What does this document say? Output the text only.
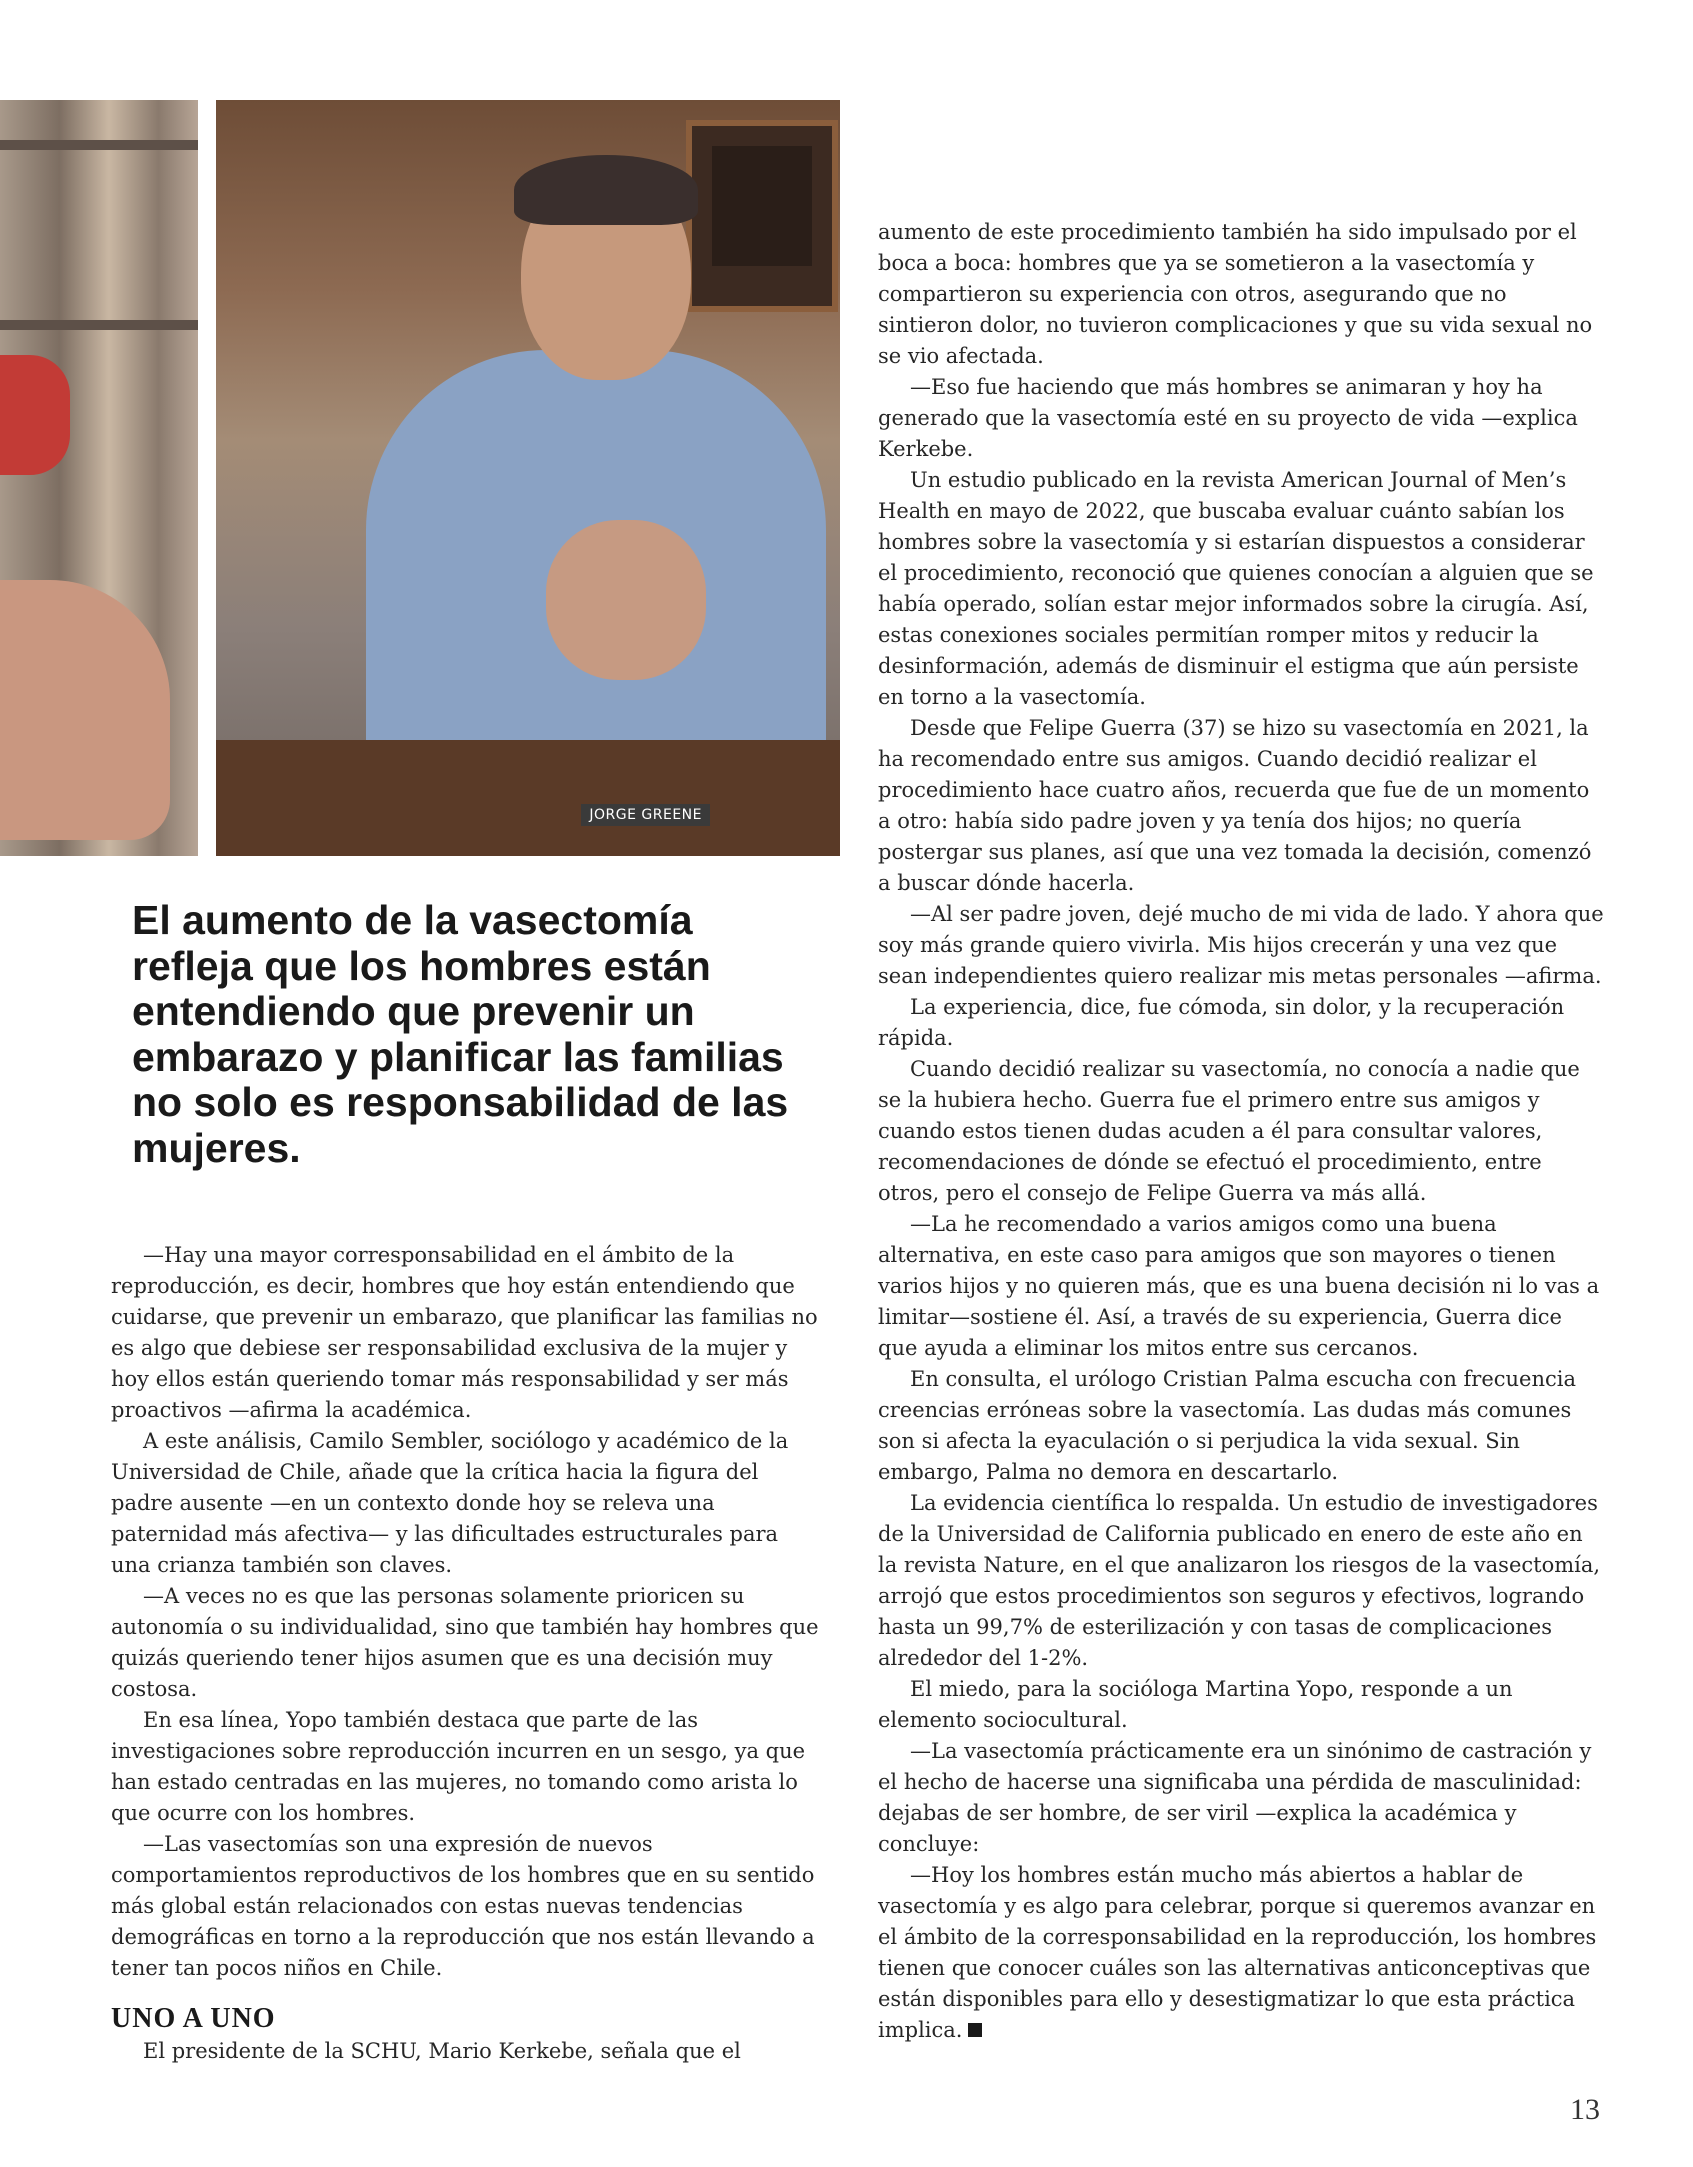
JORGE GREENE
El aumento de la vasectomía refleja que los hombres están entendiendo que prevenir un embarazo y planificar las familias no solo es responsabilidad de las mujeres.

—Hay una mayor corresponsabilidad en el ámbito de la reproducción, es decir, hombres que hoy están entendiendo que cuidarse, que prevenir un embarazo, que planificar las familias no es algo que debiese ser responsabilidad exclusiva de la mujer y hoy ellos están queriendo tomar más responsabilidad y ser más proactivos —afirma la académica.

A este análisis, Camilo Sembler, sociólogo y académico de la Universidad de Chile, añade que la crítica hacia la figura del padre ausente —en un contexto donde hoy se releva una paternidad más afectiva— y las dificultades estructurales para una crianza también son claves.

—A veces no es que las personas solamente prioricen su autonomía o su individualidad, sino que también hay hombres que quizás queriendo tener hijos asumen que es una decisión muy costosa.

En esa línea, Yopo también destaca que parte de las investigaciones sobre reproducción incurren en un sesgo, ya que han estado centradas en las mujeres, no tomando como arista lo que ocurre con los hombres.

—Las vasectomías son una expresión de nuevos comportamientos reproductivos de los hombres que en su sentido más global están relacionados con estas nuevas tendencias demográficas en torno a la reproducción que nos están llevando a tener tan pocos niños en Chile.

UNO A UNO

El presidente de la SCHU, Mario Kerkebe, señala que el

aumento de este procedimiento también ha sido impulsado por el boca a boca: hombres que ya se sometieron a la vasectomía y compartieron su experiencia con otros, asegurando que no sintieron dolor, no tuvieron complicaciones y que su vida sexual no se vio afectada.

—Eso fue haciendo que más hombres se animaran y hoy ha generado que la vasectomía esté en su proyecto de vida —explica Kerkebe.

Un estudio publicado en la revista American Journal of Men’s Health en mayo de 2022, que buscaba evaluar cuánto sabían los hombres sobre la vasectomía y si estarían dispuestos a considerar el procedimiento, reconoció que quienes conocían a alguien que se había operado, solían estar mejor informados sobre la cirugía. Así, estas conexiones sociales permitían romper mitos y reducir la desinformación, además de disminuir el estigma que aún persiste en torno a la vasectomía.

Desde que Felipe Guerra (37) se hizo su vasectomía en 2021, la ha recomendado entre sus amigos. Cuando decidió realizar el procedimiento hace cuatro años, recuerda que fue de un momento a otro: había sido padre joven y ya tenía dos hijos; no quería postergar sus planes, así que una vez tomada la decisión, comenzó a buscar dónde hacerla.

—Al ser padre joven, dejé mucho de mi vida de lado. Y ahora que soy más grande quiero vivirla. Mis hijos crecerán y una vez que sean independientes quiero realizar mis metas personales —afirma.

La experiencia, dice, fue cómoda, sin dolor, y la recuperación rápida.

Cuando decidió realizar su vasectomía, no conocía a nadie que se la hubiera hecho. Guerra fue el primero entre sus amigos y cuando estos tienen dudas acuden a él para consultar valores, recomendaciones de dónde se efectuó el procedimiento, entre otros, pero el consejo de Felipe Guerra va más allá.

—La he recomendado a varios amigos como una buena alternativa, en este caso para amigos que son mayores o tienen varios hijos y no quieren más, que es una buena decisión ni lo vas a limitar—sostiene él. Así, a través de su experiencia, Guerra dice que ayuda a eliminar los mitos entre sus cercanos.

En consulta, el urólogo Cristian Palma escucha con frecuencia creencias erróneas sobre la vasectomía. Las dudas más comunes son si afecta la eyaculación o si perjudica la vida sexual. Sin embargo, Palma no demora en descartarlo.

La evidencia científica lo respalda. Un estudio de investigadores de la Universidad de California publicado en enero de este año en la revista Nature, en el que analizaron los riesgos de la vasectomía, arrojó que estos procedimientos son seguros y efectivos, logrando hasta un 99,7% de esterilización y con tasas de complicaciones alrededor del 1-2%.

El miedo, para la socióloga Martina Yopo, responde a un elemento sociocultural.

—La vasectomía prácticamente era un sinónimo de castración y el hecho de hacerse una significaba una pérdida de masculinidad: dejabas de ser hombre, de ser viril —explica la académica y concluye:

—Hoy los hombres están mucho más abiertos a hablar de vasectomía y es algo para celebrar, porque si queremos avanzar en el ámbito de la corresponsabilidad en la reproducción, los hombres tienen que conocer cuáles son las alternativas anticonceptivas que están disponibles para ello y desestigmatizar lo que esta práctica implica.

13
